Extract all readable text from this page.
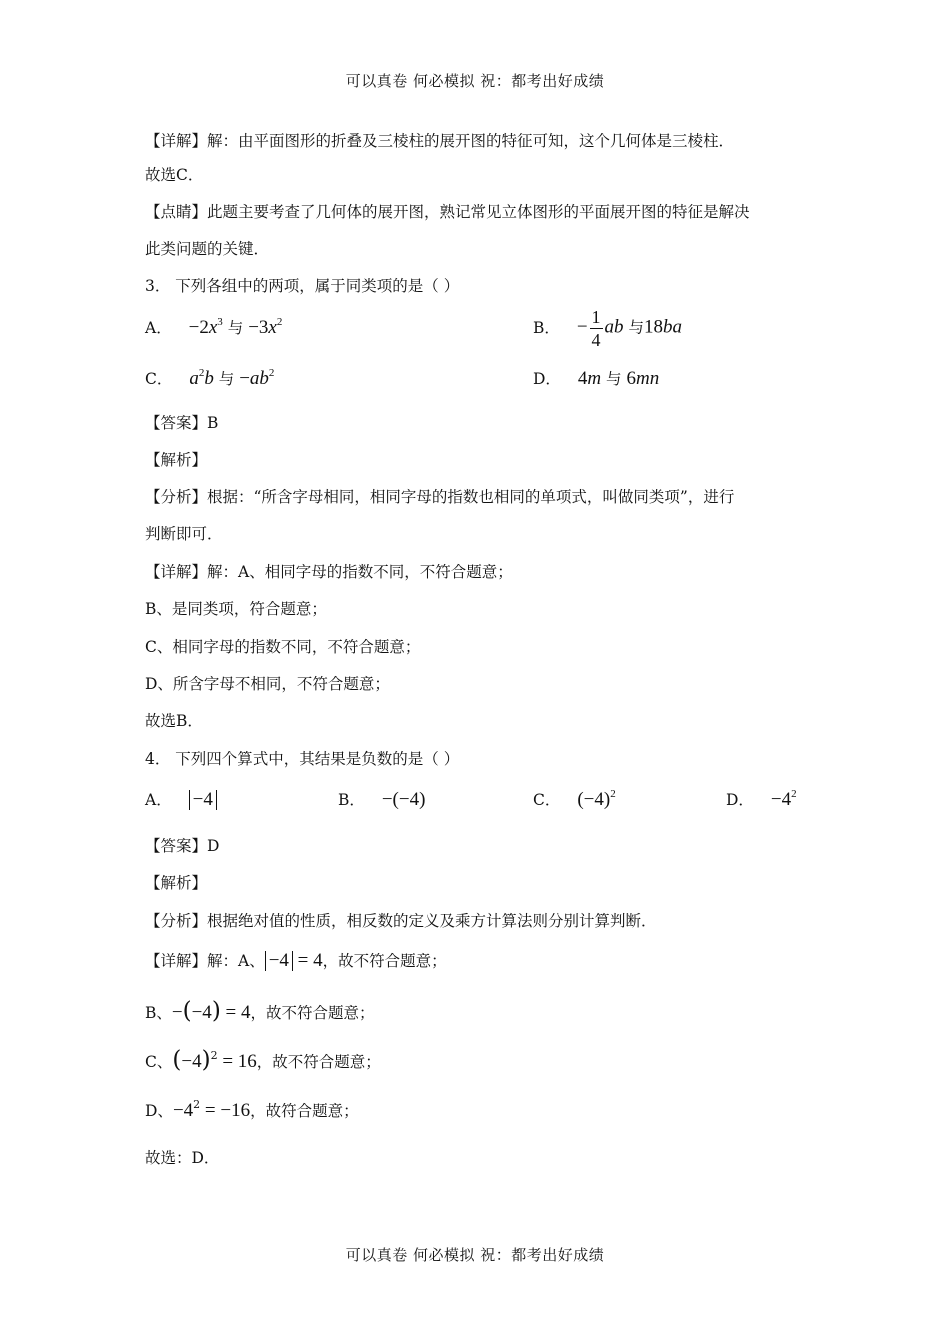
可以真卷 何必模拟 祝：都考出好成绩
【详解】解：由平面图形的折叠及三棱柱的展开图的特征可知，这个几何体是三棱柱．
故选C．
【点睛】此题主要考查了几何体的展开图，熟记常见立体图形的平面展开图的特征是解决
此类问题的关键．
3． 下列各组中的两项，属于同类项的是（ ）
A． $-2x^3$ 与 $-3x^2$	B． − $\frac{1}{4}$ ab 与18ba
C． $a^2b$ 与 $-ab^2$	D． 4m 与 6mn
【答案】B
【解析】
【分析】根据：“所含字母相同，相同字母的指数也相同的单项式，叫做同类项”，进行
判断即可．
【详解】解：A、相同字母的指数不同，不符合题意；
B、是同类项，符合题意；
C、相同字母的指数不同，不符合题意；
D、所含字母不相同，不符合题意；
故选B．
4． 下列四个算式中，其结果是负数的是（ ）
A． −4	B． −(−4)	C． $(-4)^2$	D． $-4^2$
【答案】D
【解析】
【分析】根据绝对值的性质，相反数的定义及乘方计算法则分别计算判断．
【详解】解：A、 −4 = 4，故不符合题意；
B、−(−4) = 4，故不符合题意；
C、$(-4)^2 = 16$，故不符合题意；
D、$-4^2 = -16$，故符合题意；
故选：D．
可以真卷 何必模拟 祝：都考出好成绩
